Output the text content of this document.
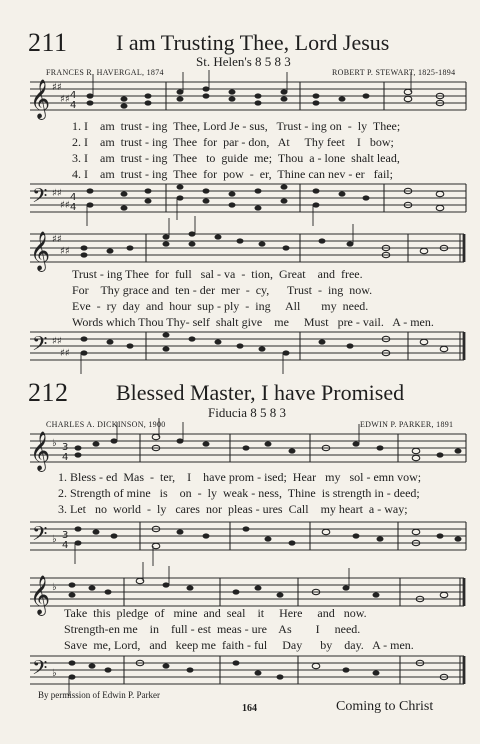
211 I am Trusting Thee, Lord Jesus
St. Helen's 8 5 8 3
FRANCES R. HAVERGAL, 1874	ROBERT P. STEWART, 1825-1894
𝄞 ♯♯
♯♯ 4
4
1. I    am  trust - ing  Thee, Lord Je - sus,   Trust - ing on  -  ly  Thee;
2. I    am  trust - ing  Thee  for  par - don,   At     Thy feet    I   bow;
3. I    am  trust - ing  Thee   to  guide  me;  Thou  a - lone  shalt lead,
4. I    am  trust - ing  Thee  for  pow  -  er,  Thine can nev - er   fail;
𝄢 ♯♯
♯♯
4
4
𝄞 ♯♯
♯♯
Trust - ing Thee  for  full   sal - va  -  tion,  Great    and  free.
For    Thy grace and  ten - der  mer  -  cy,      Trust  -  ing  now.
Eve  -  ry  day  and  hour  sup - ply  -  ing     All       my  need.
Words which Thou Thy- self  shalt give    me     Must   pre - vail.   A - men.
𝄢 ♯♯
♯♯
212 Blessed Master, I have Promised
Fiducia 8 5 8 3
CHARLES A. DICKINSON, 1900	EDWIN P. PARKER, 1891
𝄞 ♭ 3
4
1. Bless - ed  Mas  -  ter,    I    have prom - ised;  Hear   my   sol - emn vow;
2. Strength of mine   is    on  -  ly  weak - ness,  Thine  is strength in - deed;
3. Let   no  world  -  ly   cares  nor  pleas - ures  Call    my heart  a - way;
𝄢 ♭ 3
4
𝄞 ♭
Take  this  pledge  of   mine  and  seal    it     Here     and   now.
Strength-en me    in    full - est  meas - ure    As        I     need.
Save  me, Lord,   and   keep me  faith - ful     Day      by    day.   A - men.
𝄢 ♭
By permission of Edwin P. Parker
164	Coming to Christ
